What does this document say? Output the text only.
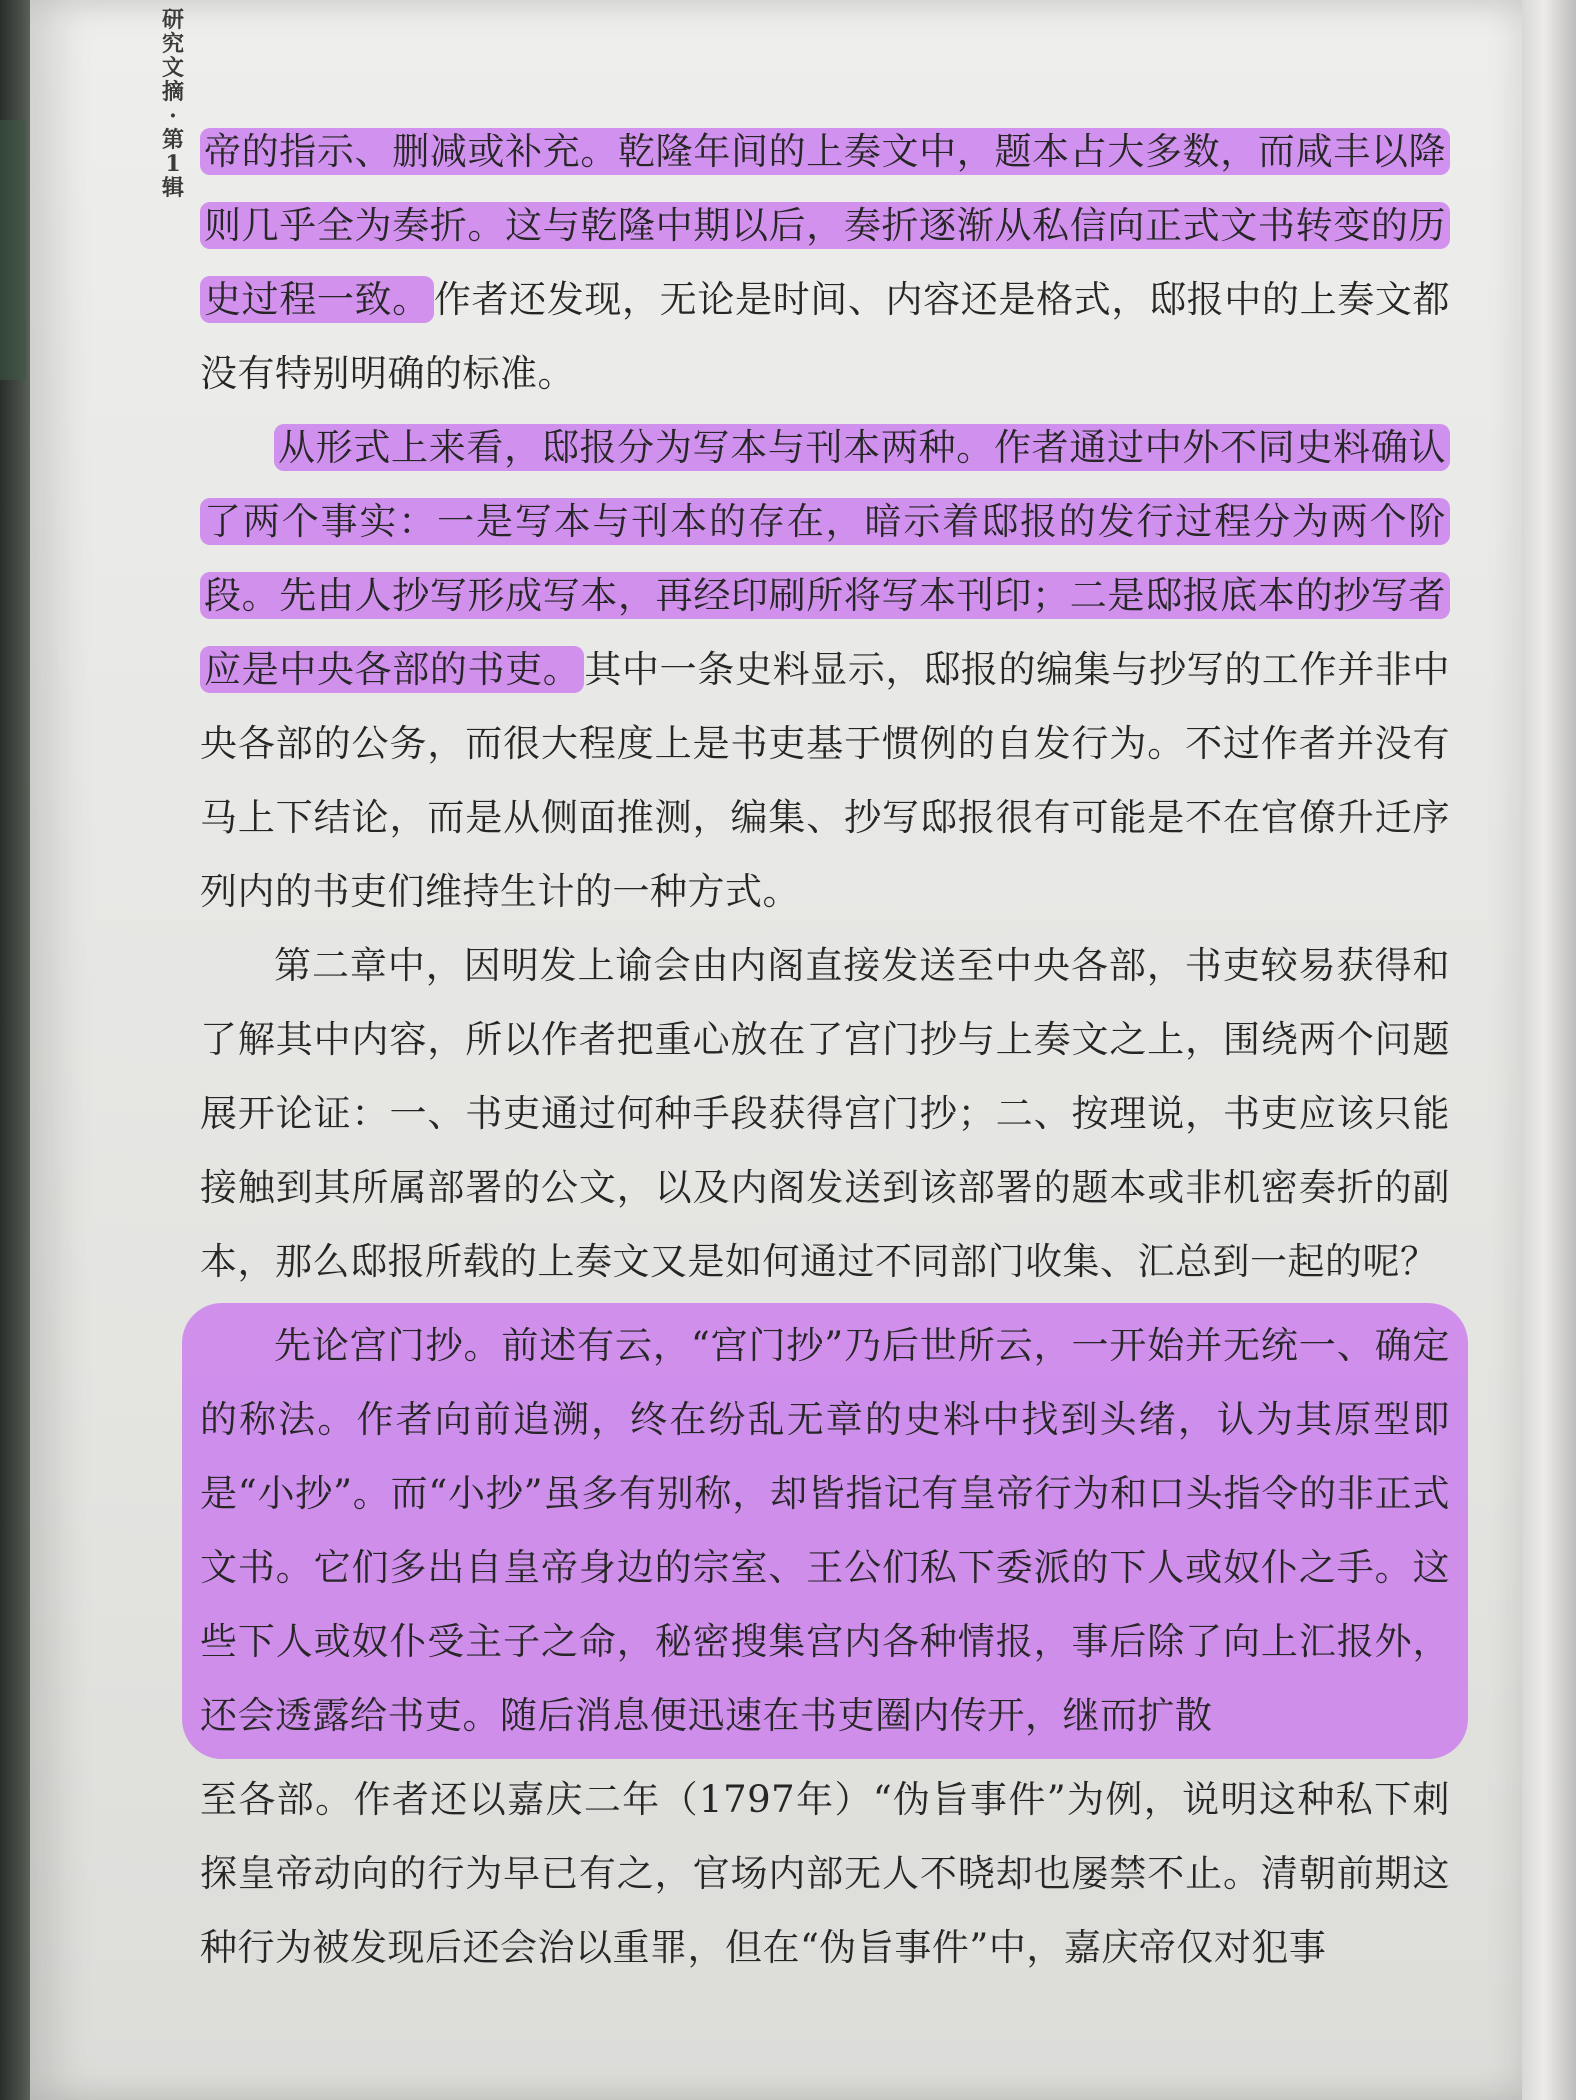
研究文摘·第1辑

帝的指示、删减或补充。乾隆年间的上奏文中，题本占大多数，而咸丰以降则几乎全为奏折。这与乾隆中期以后，奏折逐渐从私信向正式文书转变的历史过程一致。 作者还发现，无论是时间、内容还是格式，邸报中的上奏文都没有特别明确的标准。

从形式上来看，邸报分为写本与刊本两种。作者通过中外不同史料确认了两个事实：一是写本与刊本的存在，暗示着邸报的发行过程分为两个阶段。先由人抄写形成写本，再经印刷所将写本刊印；二是邸报底本的抄写者应是中央各部的书吏。 其中一条史料显示，邸报的编集与抄写的工作并非中央各部的公务，而很大程度上是书吏基于惯例的自发行为。不过作者并没有马上下结论，而是从侧面推测，编集、抄写邸报很有可能是不在官僚升迁序列内的书吏们维持生计的一种方式。

第二章中，因明发上谕会由内阁直接发送至中央各部，书吏较易获得和了解其中内容，所以作者把重心放在了宫门抄与上奏文之上，围绕两个问题展开论证：一、书吏通过何种手段获得宫门抄；二、按理说，书吏应该只能接触到其所属部署的公文，以及内阁发送到该部署的题本或非机密奏折的副本，那么邸报所载的上奏文又是如何通过不同部门收集、汇总到一起的呢？

先论宫门抄。前述有云，“宫门抄”乃后世所云，一开始并无统一、确定的称法。作者向前追溯，终在纷乱无章的史料中找到头绪，认为其原型即是“小抄”。而“小抄”虽多有别称，却皆指记有皇帝行为和口头指令的非正式文书。它们多出自皇帝身边的宗室、王公们私下委派的下人或奴仆之手。这些下人或奴仆受主子之命，秘密搜集宫内各种情报，事后除了向上汇报外，还会透露给书吏。随后消息便迅速在书吏圈内传开，继而扩散

至各部。作者还以嘉庆二年（1797年）“伪旨事件”为例，说明这种私下刺探皇帝动向的行为早已有之，官场内部无人不晓却也屡禁不止。清朝前期这种行为被发现后还会治以重罪，但在“伪旨事件”中，嘉庆帝仅对犯事
